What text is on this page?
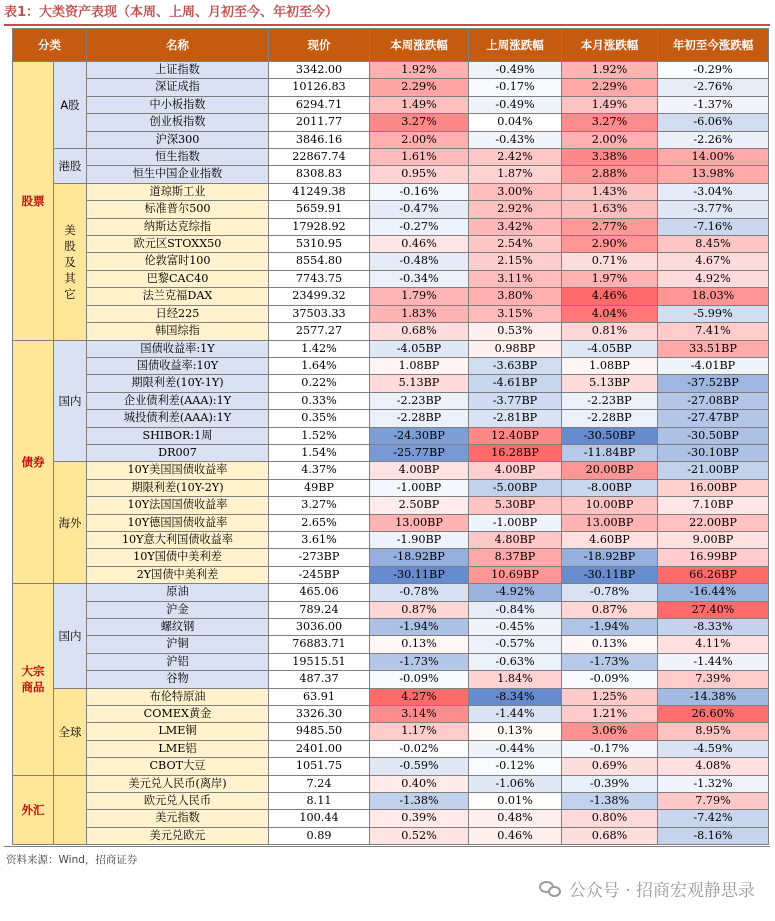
表1：大类资产表现（本周、上周、月初至今、年初至今）
分类		名称	现价	本周涨跌幅	上周涨跌幅	本月涨跌幅	年初至今涨跌幅
股票	A股	上证指数	3342.00	1.92%	-0.49%	1.92%	-0.29%
		深证成指	10126.83	2.29%	-0.17%	2.29%	-2.76%
		中小板指数	6294.71	1.49%	-0.49%	1.49%	-1.37%
		创业板指数	2011.77	3.27%	0.04%	3.27%	-6.06%
		沪深300	3846.16	2.00%	-0.43%	2.00%	-2.26%
	港股	恒生指数	22867.74	1.61%	2.42%	3.38%	14.00%
		恒生中国企业指数	8308.83	0.95%	1.87%	2.88%	13.98%
	美股及其它	道琼斯工业	41249.38	-0.16%	3.00%	1.43%	-3.04%
		标准普尔500	5659.91	-0.47%	2.92%	1.63%	-3.77%
		纳斯达克综指	17928.92	-0.27%	3.42%	2.77%	-7.16%
		欧元区STOXX50	5310.95	0.46%	2.54%	2.90%	8.45%
		伦敦富时100	8554.80	-0.48%	2.15%	0.71%	4.67%
		巴黎CAC40	7743.75	-0.34%	3.11%	1.97%	4.92%
		法兰克福DAX	23499.32	1.79%	3.80%	4.46%	18.03%
		日经225	37503.33	1.83%	3.15%	4.04%	-5.99%
		韩国综指	2577.27	0.68%	0.53%	0.81%	7.41%
债券	国内	国债收益率:1Y	1.42%	-4.05BP	0.98BP	-4.05BP	33.51BP
		国债收益率:10Y	1.64%	1.08BP	-3.63BP	1.08BP	-4.01BP
		期限利差(10Y-1Y)	0.22%	5.13BP	-4.61BP	5.13BP	-37.52BP
		企业债利差(AAA):1Y	0.33%	-2.23BP	-3.77BP	-2.23BP	-27.08BP
		城投债利差(AAA):1Y	0.35%	-2.28BP	-2.81BP	-2.28BP	-27.47BP
		SHIBOR:1周	1.52%	-24.30BP	12.40BP	-30.50BP	-30.50BP
		DR007	1.54%	-25.77BP	16.28BP	-11.84BP	-30.10BP
	海外	10Y美国国债收益率	4.37%	4.00BP	4.00BP	20.00BP	-21.00BP
		期限利差(10Y-2Y)	49BP	-1.00BP	-5.00BP	-8.00BP	16.00BP
		10Y法国国债收益率	3.27%	2.50BP	5.30BP	10.00BP	7.10BP
		10Y德国国债收益率	2.65%	13.00BP	-1.00BP	13.00BP	22.00BP
		10Y意大利国债收益率	3.61%	-1.90BP	4.80BP	4.60BP	9.00BP
		10Y国债中美利差	-273BP	-18.92BP	8.37BP	-18.92BP	16.99BP
		2Y国债中美利差	-245BP	-30.11BP	10.69BP	-30.11BP	66.26BP
大宗商品	国内	原油	465.06	-0.78%	-4.92%	-0.78%	-16.44%
		沪金	789.24	0.87%	-0.84%	0.87%	27.40%
		螺纹钢	3036.00	-1.94%	-0.45%	-1.94%	-8.33%
		沪铜	76883.71	0.13%	-0.57%	0.13%	4.11%
		沪铝	19515.51	-1.73%	-0.63%	-1.73%	-1.44%
		谷物	487.37	-0.09%	1.84%	-0.09%	7.39%
	全球	布伦特原油	63.91	4.27%	-8.34%	1.25%	-14.38%
		COMEX黄金	3326.30	3.14%	-1.44%	1.21%	26.60%
		LME铜	9485.50	1.17%	0.13%	3.06%	8.95%
		LME铝	2401.00	-0.02%	-0.44%	-0.17%	-4.59%
		CBOT大豆	1051.75	-0.59%	-0.12%	0.69%	4.08%
外汇		美元兑人民币(离岸)	7.24	0.40%	-1.06%	-0.39%	-1.32%
		欧元兑人民币	8.11	-1.38%	0.01%	-1.38%	7.79%
		美元指数	100.44	0.39%	0.48%	0.80%	-7.42%
		美元兑欧元	0.89	0.52%	0.46%	0.68%	-8.16%
资料来源：Wind，招商证券
公众号 · 招商宏观静思录
